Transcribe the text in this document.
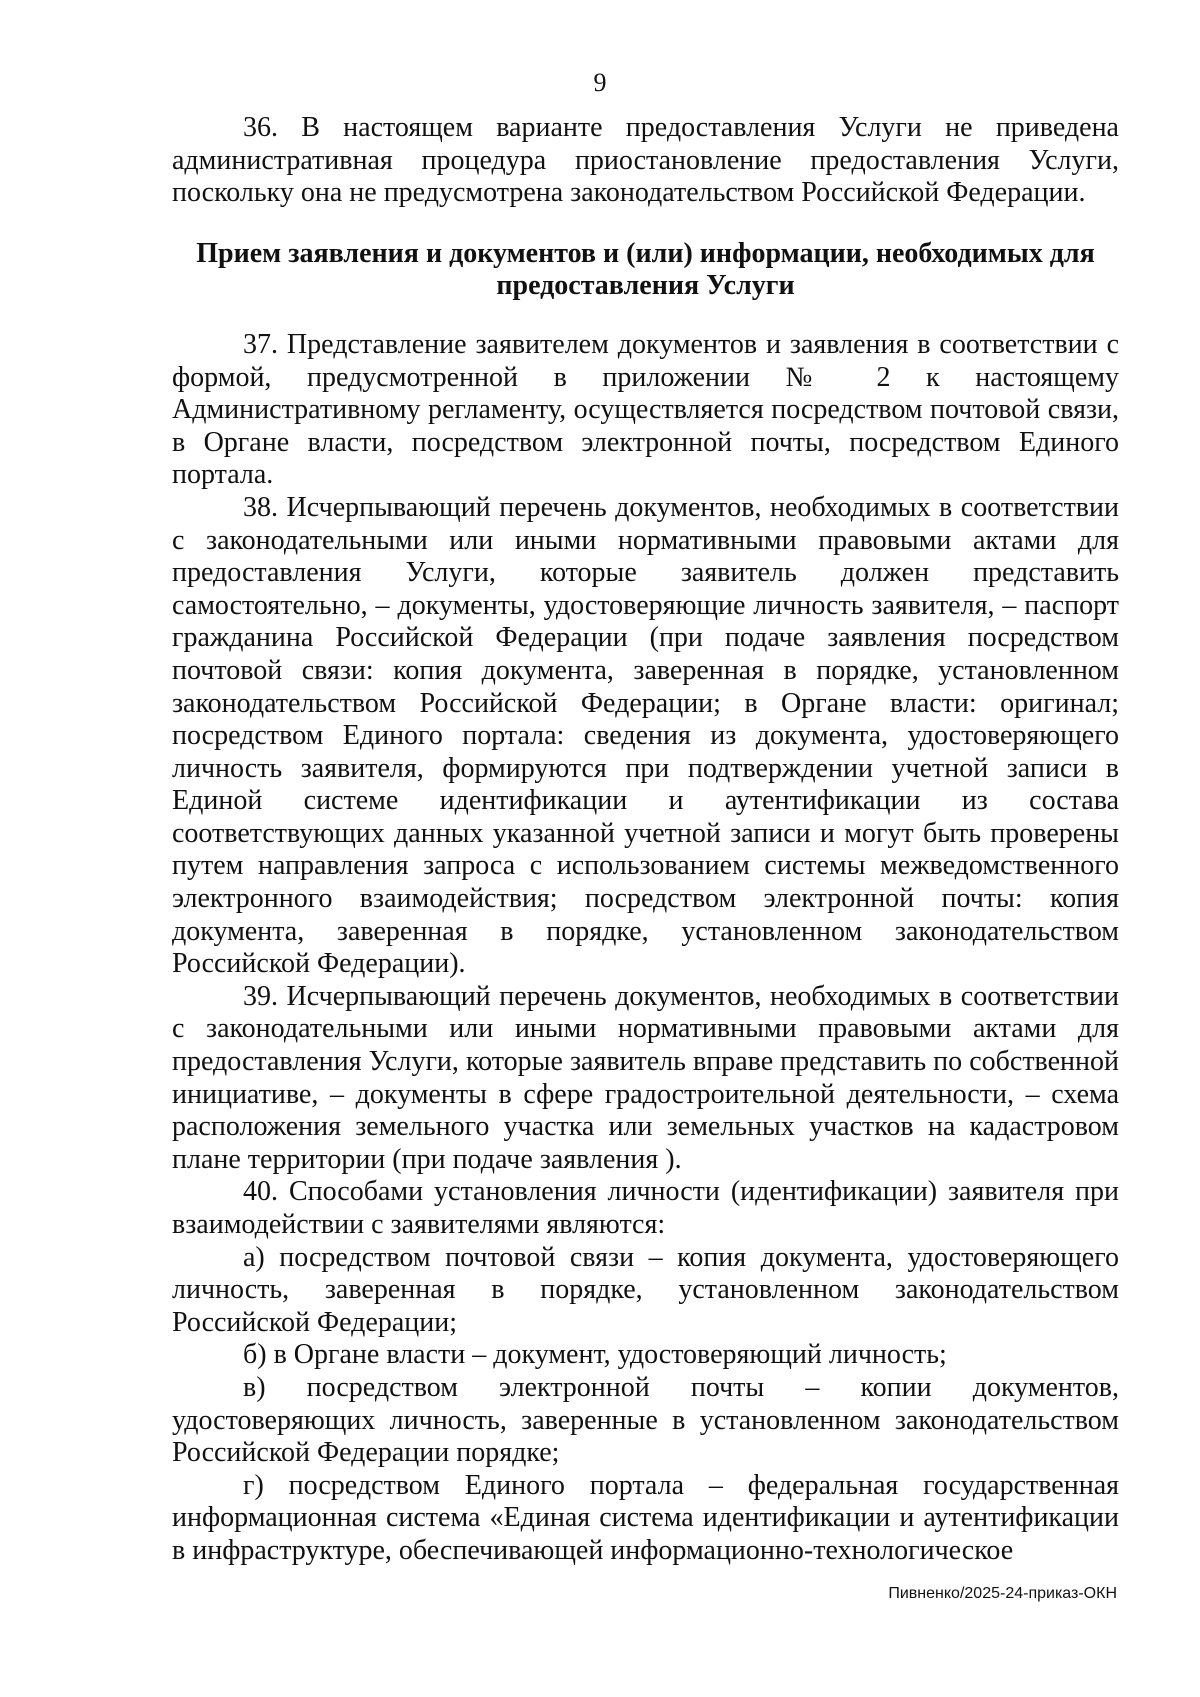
9

36. В настоящем варианте предоставления Услуги не приведена административная процедура приостановление предоставления Услуги, поскольку она не предусмотрена законодательством Российской Федерации.

Прием заявления и документов и (или) информации, необходимых для предоставления Услуги

37. Представление заявителем документов и заявления в соответствии с формой, предусмотренной в приложении № 2 к настоящему Административному регламенту, осуществляется посредством почтовой связи, в Органе власти, посредством электронной почты, посредством Единого портала.

38. Исчерпывающий перечень документов, необходимых в соответствии с законодательными или иными нормативными правовыми актами для предоставления Услуги, которые заявитель должен представить самостоятельно, – документы, удостоверяющие личность заявителя, – паспорт гражданина Российской Федерации (при подаче заявления посредством почтовой связи: копия документа, заверенная в порядке, установленном законодательством Российской Федерации; в Органе власти: оригинал; посредством Единого портала: сведения из документа, удостоверяющего личность заявителя, формируются при подтверждении учетной записи в Единой системе идентификации и аутентификации из состава соответствующих данных указанной учетной записи и могут быть проверены путем направления запроса с использованием системы межведомственного электронного взаимодействия; посредством электронной почты: копия документа, заверенная в порядке, установленном законодательством Российской Федерации).

39. Исчерпывающий перечень документов, необходимых в соответствии с законодательными или иными нормативными правовыми актами для предоставления Услуги, которые заявитель вправе представить по собственной инициативе, – документы в сфере градостроительной деятельности, – схема расположения земельного участка или земельных участков на кадастровом плане территории (при подаче заявления ).

40. Способами установления личности (идентификации) заявителя при взаимодействии с заявителями являются:

а) посредством почтовой связи – копия документа, удостоверяющего личность, заверенная в порядке, установленном законодательством Российской Федерации;

б) в Органе власти – документ, удостоверяющий личность;

в) посредством электронной почты – копии документов, удостоверяющих личность, заверенные в установленном законодательством Российской Федерации порядке;

г) посредством Единого портала – федеральная государственная информационная система «Единая система идентификации и аутентификации в инфраструктуре, обеспечивающей информационно-технологическое

Пивненко/2025-24-приказ-ОКН
